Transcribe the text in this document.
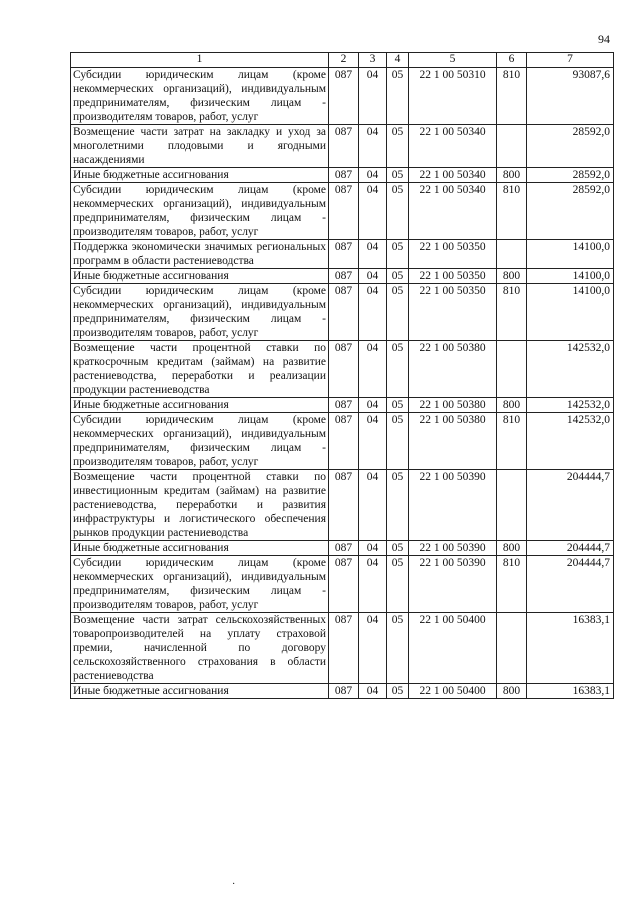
94
1	2	3	4	5	6	7
Субсидии юридическим лицам (кроме некоммерческих организаций), индивидуальным предпринимателям, физическим лицам - производителям товаров, работ, услуг	087	04	05	22 1 00 50310	810	93087,6
Возмещение части затрат на закладку и уход за многолетними плодовыми и ягодными насаждениями	087	04	05	22 1 00 50340		28592,0
Иные бюджетные ассигнования	087	04	05	22 1 00 50340	800	28592,0
Субсидии юридическим лицам (кроме некоммерческих организаций), индивидуальным предпринимателям, физическим лицам - производителям товаров, работ, услуг	087	04	05	22 1 00 50340	810	28592,0
Поддержка экономически значимых региональных программ в области растениеводства	087	04	05	22 1 00 50350		14100,0
Иные бюджетные ассигнования	087	04	05	22 1 00 50350	800	14100,0
Субсидии юридическим лицам (кроме некоммерческих организаций), индивидуальным предпринимателям, физическим лицам - производителям товаров, работ, услуг	087	04	05	22 1 00 50350	810	14100,0
Возмещение части процентной ставки по краткосрочным кредитам (займам) на развитие растениеводства, переработки и реализации продукции растениеводства	087	04	05	22 1 00 50380		142532,0
Иные бюджетные ассигнования	087	04	05	22 1 00 50380	800	142532,0
Субсидии юридическим лицам (кроме некоммерческих организаций), индивидуальным предпринимателям, физическим лицам - производителям товаров, работ, услуг	087	04	05	22 1 00 50380	810	142532,0
Возмещение части процентной ставки по инвестиционным кредитам (займам) на развитие растениеводства, переработки и развития инфраструктуры и логистического обеспечения рынков продукции растениеводства	087	04	05	22 1 00 50390		204444,7
Иные бюджетные ассигнования	087	04	05	22 1 00 50390	800	204444,7
Субсидии юридическим лицам (кроме некоммерческих организаций), индивидуальным предпринимателям, физическим лицам - производителям товаров, работ, услуг	087	04	05	22 1 00 50390	810	204444,7
Возмещение части затрат сельскохозяйственных товаропроизводителей на уплату страховой премии, начисленной по договору сельскохозяйственного страхования в области растениеводства	087	04	05	22 1 00 50400		16383,1
Иные бюджетные ассигнования	087	04	05	22 1 00 50400	800	16383,1
·
